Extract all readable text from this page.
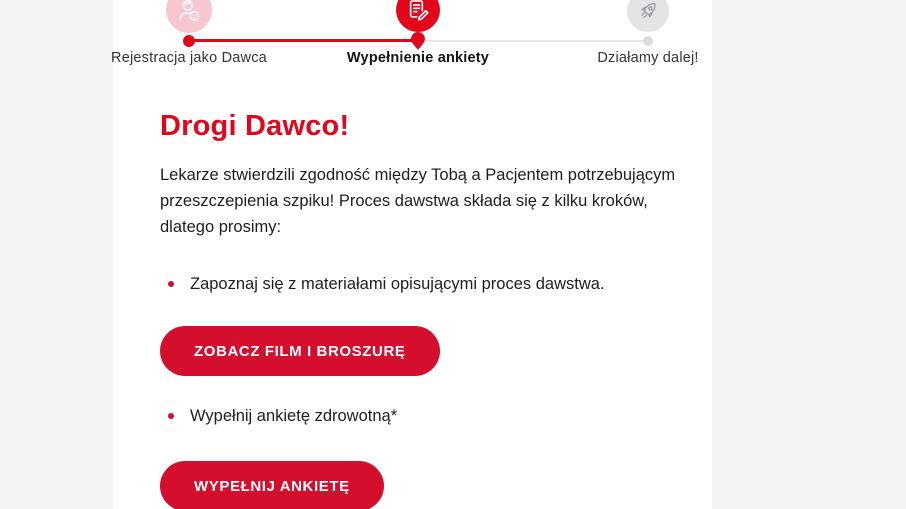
Rejestracja jako Dawca	Wypełnienie ankiety	Działamy dalej!
Drogi Dawco!

Lekarze stwierdzili zgodność między Tobą a Pacjentem potrzebującym przeszczepienia szpiku! Proces dawstwa składa się z kilku kroków, dlatego prosimy:

Zapoznaj się z materiałami opisującymi proces dawstwa.
ZOBACZ FILM I BROSZURĘ
Wypełnij ankietę zdrowotną*
WYPEŁNIJ ANKIETĘ
